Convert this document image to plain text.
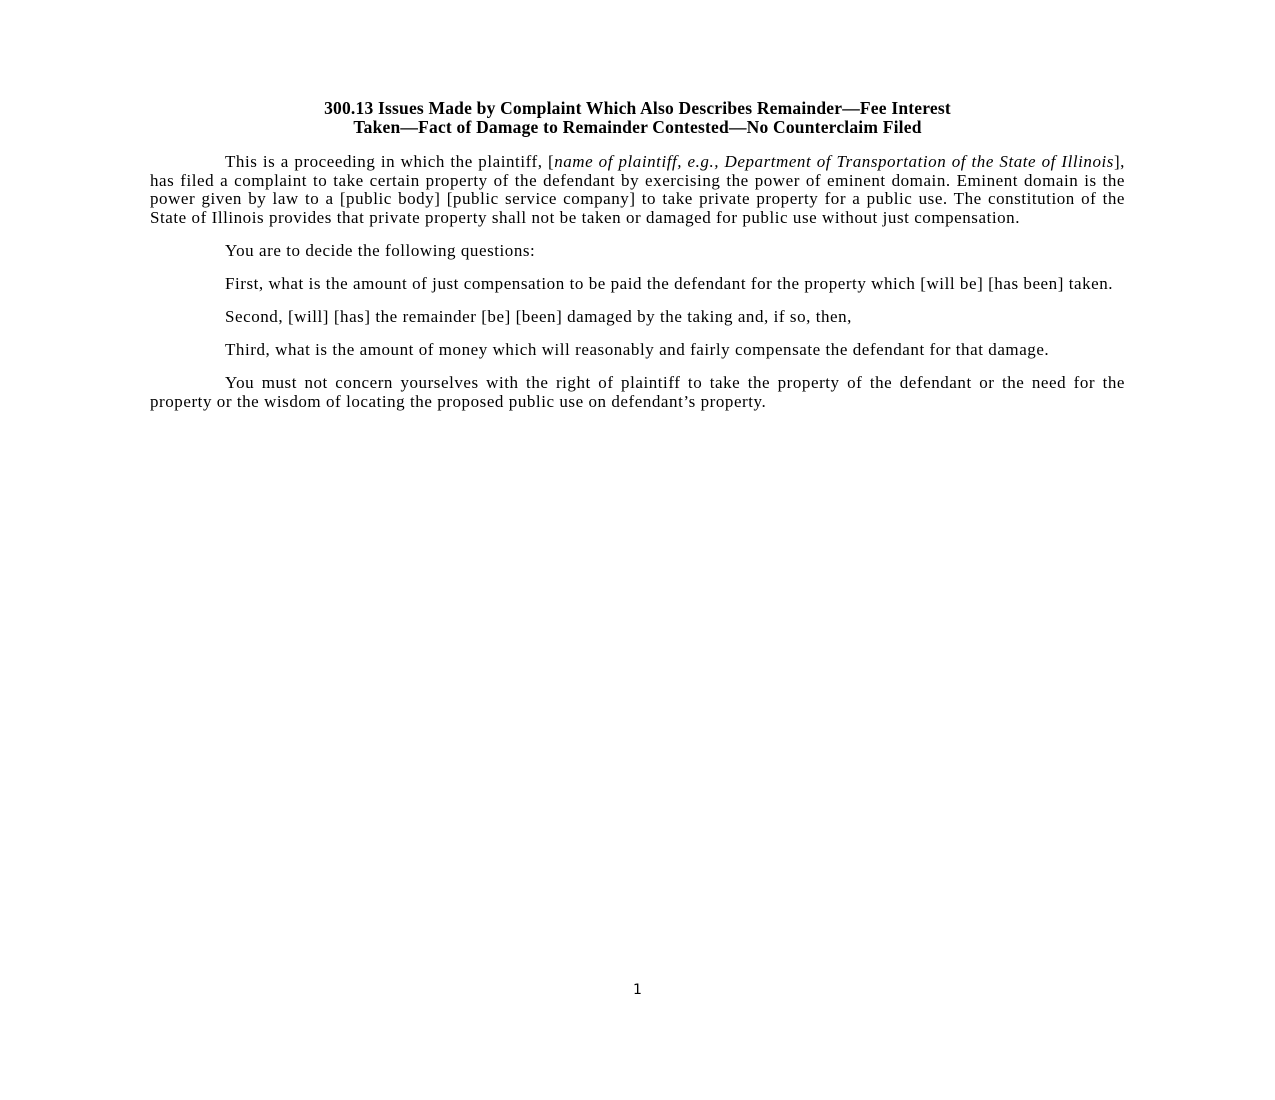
300.13 Issues Made by Complaint Which Also Describes Remainder—Fee Interest
Taken—Fact of Damage to Remainder Contested—No Counterclaim Filed

This is a proceeding in which the plaintiff, [name of plaintiff, e.g., Department of Transportation of the State of Illinois], has filed a complaint to take certain property of the defendant by exercising the power of eminent domain. Eminent domain is the power given by law to a [public body] [public service company] to take private property for a public use. The constitution of the State of Illinois provides that private property shall not be taken or damaged for public use without just compensation.

You are to decide the following questions:

First, what is the amount of just compensation to be paid the defendant for the property which [will be] [has been] taken.

Second, [will] [has] the remainder [be] [been] damaged by the taking and, if so, then,

Third, what is the amount of money which will reasonably and fairly compensate the defendant for that damage.

You must not concern yourselves with the right of plaintiff to take the property of the defendant or the need for the property or the wisdom of locating the proposed public use on defendant’s property.

1
